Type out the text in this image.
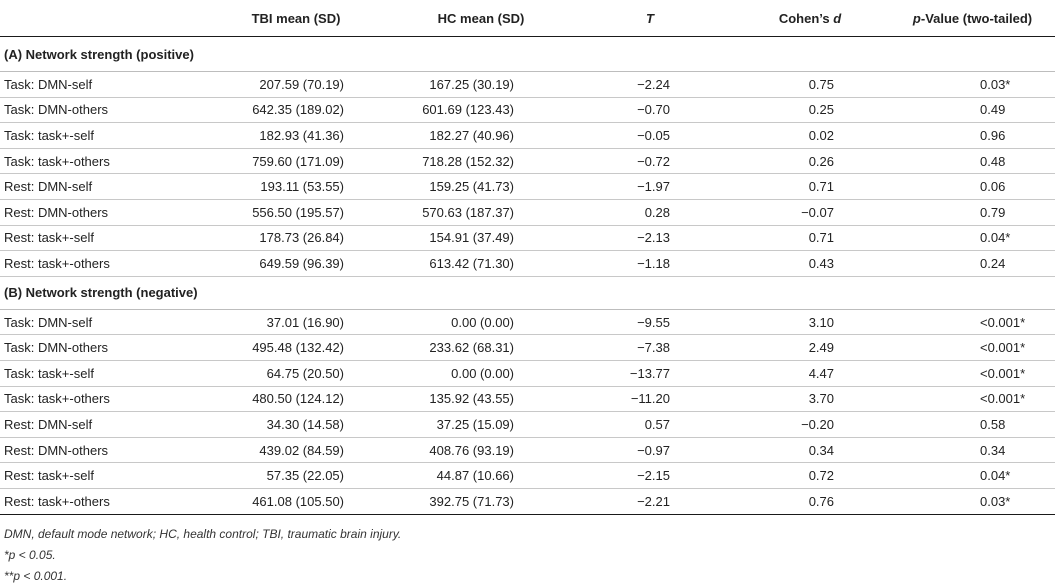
	TBI mean (SD)	HC mean (SD)	T	Cohen’s d	p-Value (two-tailed)
(A) Network strength (positive)					
Task: DMN-self	207.59 (70.19)	167.25 (30.19)	−2.24	0.75	0.03*
Task: DMN-others	642.35 (189.02)	601.69 (123.43)	−0.70	0.25	0.49
Task: task+-self	182.93 (41.36)	182.27 (40.96)	−0.05	0.02	0.96
Task: task+-others	759.60 (171.09)	718.28 (152.32)	−0.72	0.26	0.48
Rest: DMN-self	193.11 (53.55)	159.25 (41.73)	−1.97	0.71	0.06
Rest: DMN-others	556.50 (195.57)	570.63 (187.37)	0.28	−0.07	0.79
Rest: task+-self	178.73 (26.84)	154.91 (37.49)	−2.13	0.71	0.04*
Rest: task+-others	649.59 (96.39)	613.42 (71.30)	−1.18	0.43	0.24
(B) Network strength (negative)					
Task: DMN-self	37.01 (16.90)	0.00 (0.00)	−9.55	3.10	<0.001*
Task: DMN-others	495.48 (132.42)	233.62 (68.31)	−7.38	2.49	<0.001*
Task: task+-self	64.75 (20.50)	0.00 (0.00)	−13.77	4.47	<0.001*
Task: task+-others	480.50 (124.12)	135.92 (43.55)	−11.20	3.70	<0.001*
Rest: DMN-self	34.30 (14.58)	37.25 (15.09)	0.57	−0.20	0.58
Rest: DMN-others	439.02 (84.59)	408.76 (93.19)	−0.97	0.34	0.34
Rest: task+-self	57.35 (22.05)	44.87 (10.66)	−2.15	0.72	0.04*
Rest: task+-others	461.08 (105.50)	392.75 (71.73)	−2.21	0.76	0.03*
DMN, default mode network; HC, health control; TBI, traumatic brain injury.
*p < 0.05.
**p < 0.001.
